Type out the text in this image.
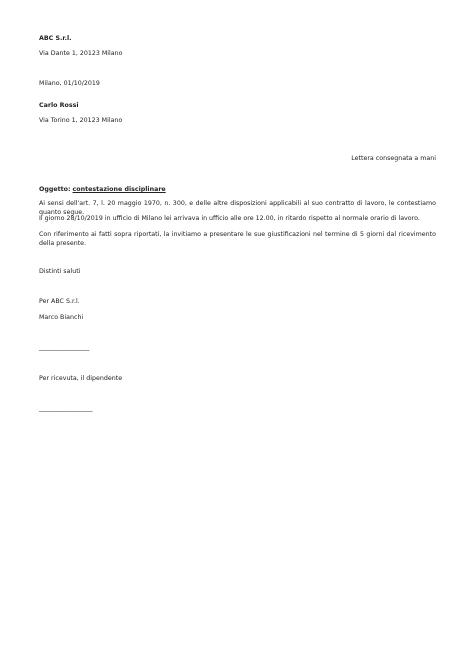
ABC S.r.l.

Via Dante 1, 20123 Milano

Milano, 01/10/2019

Carlo Rossi

Via Torino 1, 20123 Milano

Lettera consegnata a mani

Oggetto: contestazione disciplinare

Ai sensi dell'art. 7, l. 20 maggio 1970, n. 300, e delle altre disposizioni applicabili al suo contratto di lavoro, le contestiamo quanto segue.

Il giorno 28/10/2019 in ufficio di Milano lei arrivava in ufficio alle ore 12.00, in ritardo rispetto al normale orario di lavoro.

Con riferimento ai fatti sopra riportati, la invitiamo a presentare le sue giustificazioni nel termine di 5 giorni dal ricevimento della presente.

Distinti saluti

Per ABC S.r.l.

Marco Bianchi

________________

Per ricevuta, il dipendente

_________________
